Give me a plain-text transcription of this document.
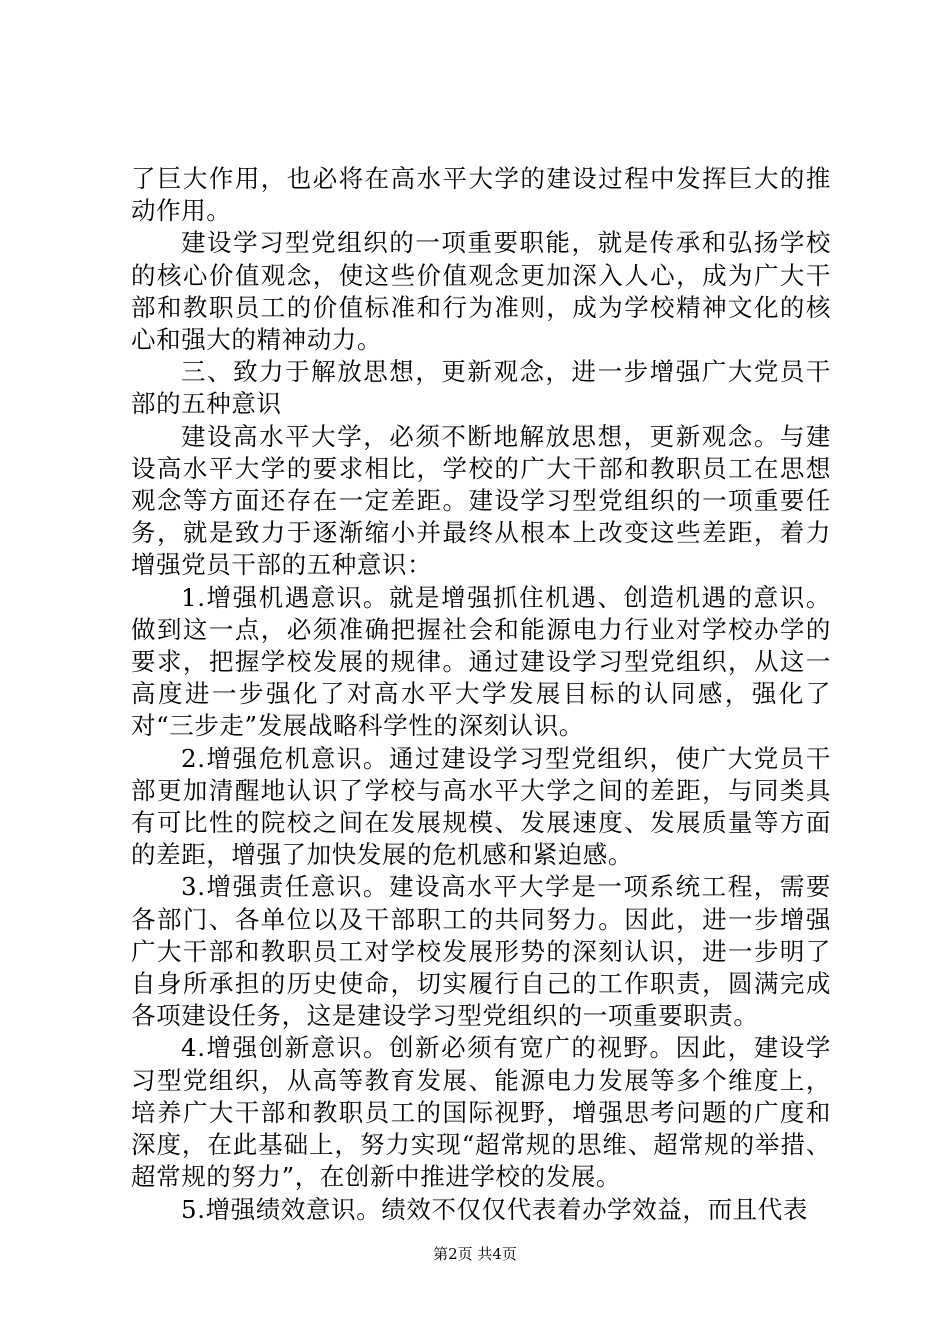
了巨大作用，也必将在高水平大学的建设过程中发挥巨大的推动作用。

建设学习型党组织的一项重要职能，就是传承和弘扬学校的核心价值观念，使这些价值观念更加深入人心，成为广大干部和教职员工的价值标准和行为准则，成为学校精神文化的核心和强大的精神动力。

三、致力于解放思想，更新观念，进一步增强广大党员干部的五种意识

建设高水平大学，必须不断地解放思想，更新观念。与建设高水平大学的要求相比，学校的广大干部和教职员工在思想观念等方面还存在一定差距。建设学习型党组织的一项重要任务，就是致力于逐渐缩小并最终从根本上改变这些差距，着力增强党员干部的五种意识：

1.增强机遇意识。就是增强抓住机遇、创造机遇的意识。做到这一点，必须准确把握社会和能源电力行业对学校办学的要求，把握学校发展的规律。通过建设学习型党组织，从这一高度进一步强化了对高水平大学发展目标的认同感，强化了对“三步走”发展战略科学性的深刻认识。

2.增强危机意识。通过建设学习型党组织，使广大党员干部更加清醒地认识了学校与高水平大学之间的差距，与同类具有可比性的院校之间在发展规模、发展速度、发展质量等方面的差距，增强了加快发展的危机感和紧迫感。

3.增强责任意识。建设高水平大学是一项系统工程，需要各部门、各单位以及干部职工的共同努力。因此，进一步增强广大干部和教职员工对学校发展形势的深刻认识，进一步明了自身所承担的历史使命，切实履行自己的工作职责，圆满完成各项建设任务，这是建设学习型党组织的一项重要职责。

4.增强创新意识。创新必须有宽广的视野。因此，建设学习型党组织，从高等教育发展、能源电力发展等多个维度上，培养广大干部和教职员工的国际视野，增强思考问题的广度和深度，在此基础上，努力实现“超常规的思维、超常规的举措、超常规的努力”，在创新中推进学校的发展。

5.增强绩效意识。绩效不仅仅代表着办学效益，而且代表

第2页 共4页
